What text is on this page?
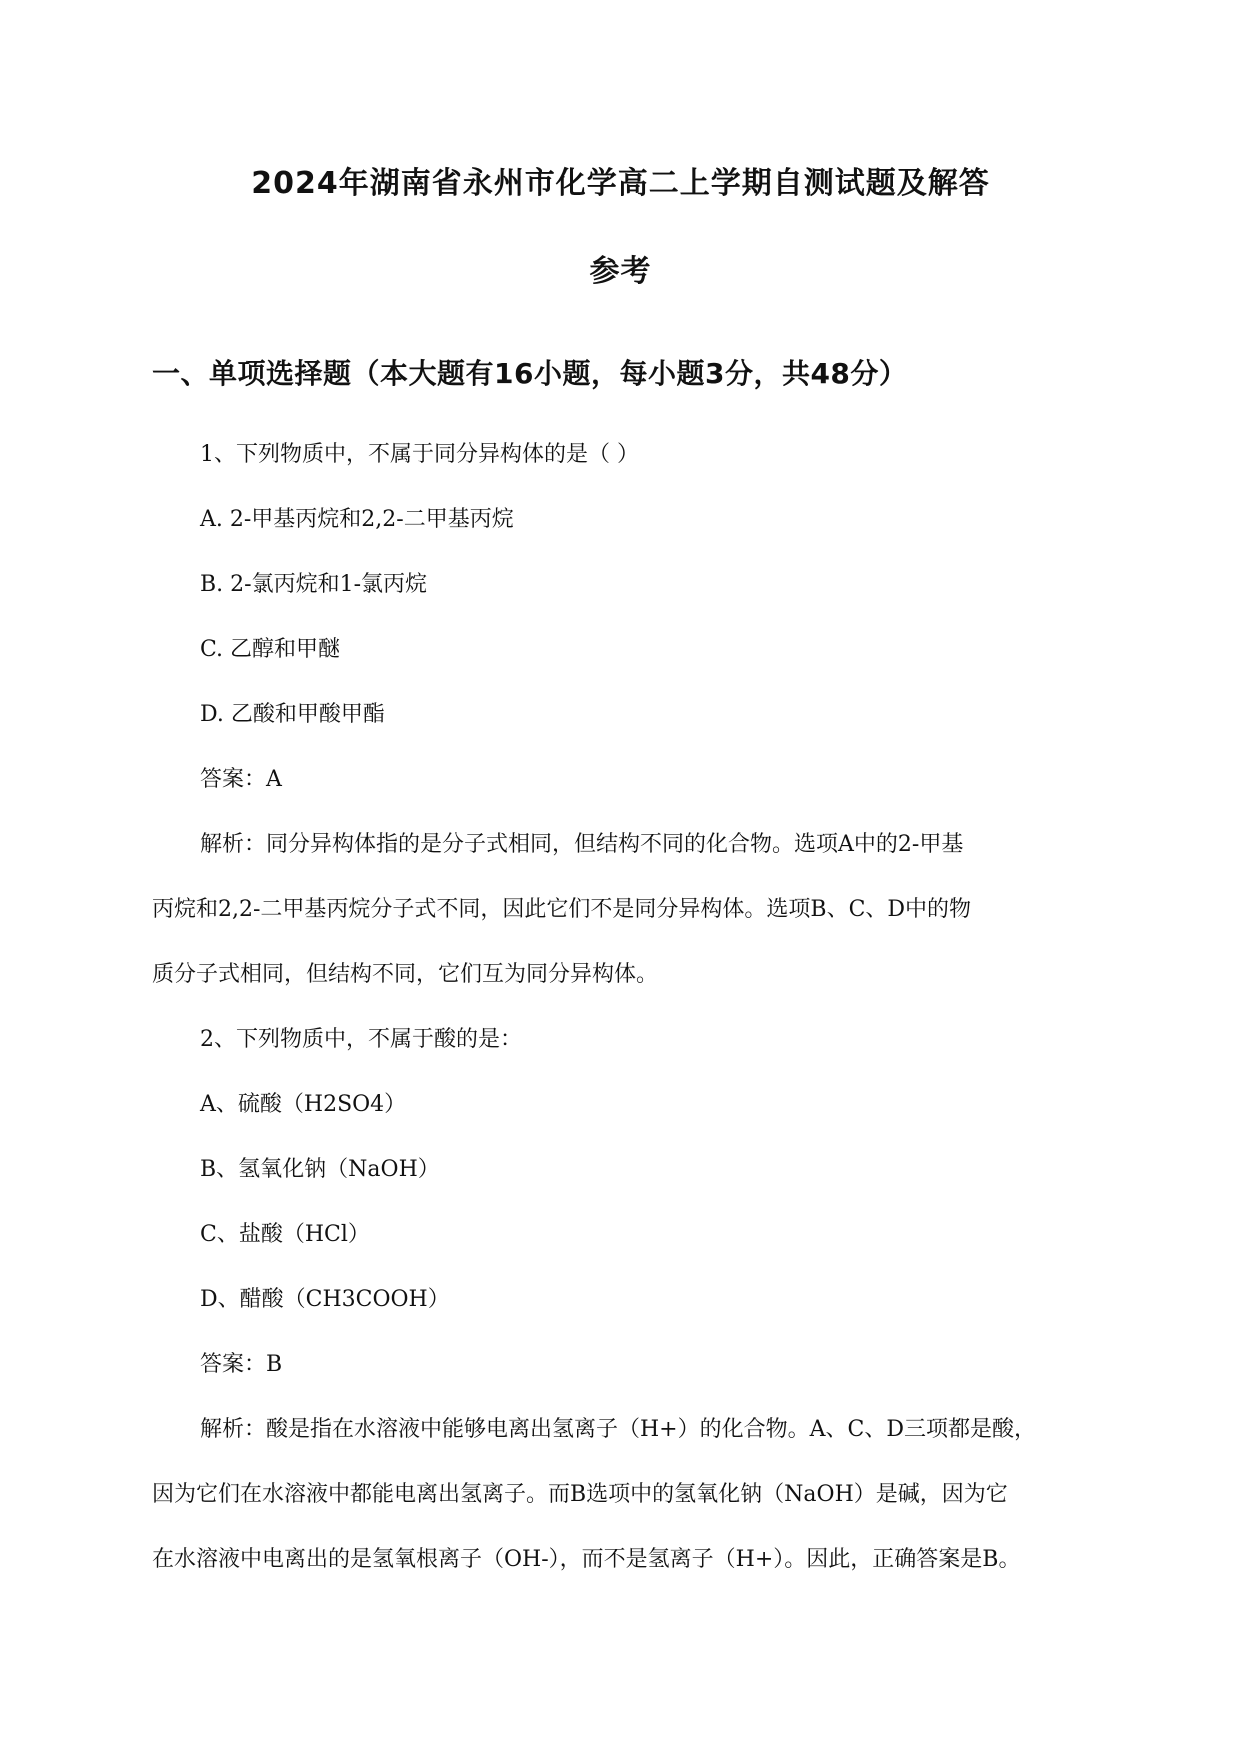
2024年湖南省永州市化学高二上学期自测试题及解答
参考
一、单项选择题（本大题有16小题，每小题3分，共48分）
1、下列物质中，不属于同分异构体的是（ ）
A. 2-甲基丙烷和2,2-二甲基丙烷
B. 2-氯丙烷和1-氯丙烷
C. 乙醇和甲醚
D. 乙酸和甲酸甲酯
答案：A
解析：同分异构体指的是分子式相同，但结构不同的化合物。选项A中的2-甲基
丙烷和2,2-二甲基丙烷分子式不同，因此它们不是同分异构体。选项B、C、D中的物
质分子式相同，但结构不同，它们互为同分异构体。
2、下列物质中，不属于酸的是：
A、硫酸（H2SO4）
B、氢氧化钠（NaOH）
C、盐酸（HCl）
D、醋酸（CH3COOH）
答案：B
解析：酸是指在水溶液中能够电离出氢离子（H+）的化合物。A、C、D三项都是酸，
因为它们在水溶液中都能电离出氢离子。而B选项中的氢氧化钠（NaOH）是碱，因为它
在水溶液中电离出的是氢氧根离子（OH-），而不是氢离子（H+）。因此，正确答案是B。
